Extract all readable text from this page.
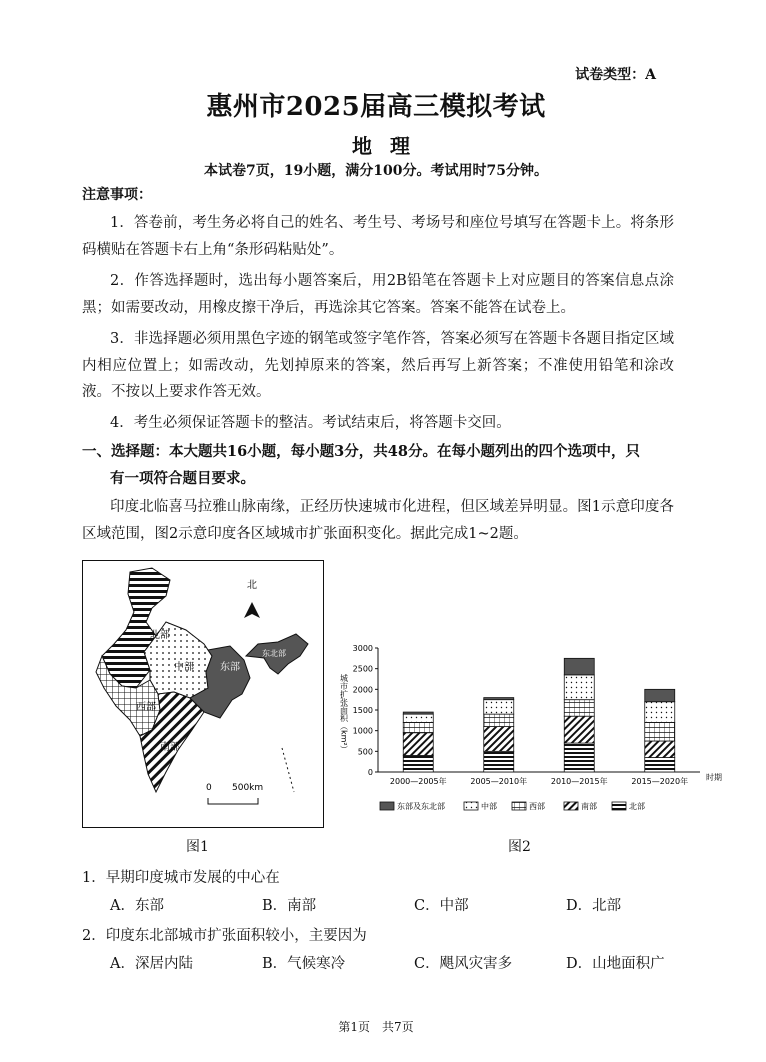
试卷类型：A
惠州市2025届高三模拟考试
地理
本试卷7页，19小题，满分100分。考试用时75分钟。
注意事项：
1．答卷前，考生务必将自己的姓名、考生号、考场号和座位号填写在答题卡上。将条形码横贴在答题卡右上角“条形码粘贴处”。
2．作答选择题时，选出每小题答案后，用2B铅笔在答题卡上对应题目的答案信息点涂黑；如需要改动，用橡皮擦干净后，再选涂其它答案。答案不能答在试卷上。
3．非选择题必须用黑色字迹的钢笔或签字笔作答，答案必须写在答题卡各题目指定区域内相应位置上；如需改动，先划掉原来的答案，然后再写上新答案；不准使用铅笔和涂改液。不按以上要求作答无效。
4．考生必须保证答题卡的整洁。考试结束后，将答题卡交回。
一、选择题：本大题共16小题，每小题3分，共48分。在每小题列出的四个选项中，只
有一项符合题目要求。
印度北临喜马拉雅山脉南缘，正经历快速城市化进程，但区域差异明显。图1示意印度各区域范围，图2示意印度各区域城市扩张面积变化。据此完成1~2题。
北
北部
中部	东部
东北部
西部
南部
0 500km
图1
城市扩张面积（km²）
0
500
1000
1500
2000
2500
3000
2000—2005年	2005—2010年	2010—2015年	2015—2020年 时期
东部及东北部	中部	西部	南部	北部
图2
1．早期印度城市发展的中心在
A．东部	B．南部	C．中部	D．北部
2．印度东北部城市扩张面积较小，主要因为
A．深居内陆	B．气候寒冷	C．飓风灾害多	D．山地面积广
第1页　共7页
